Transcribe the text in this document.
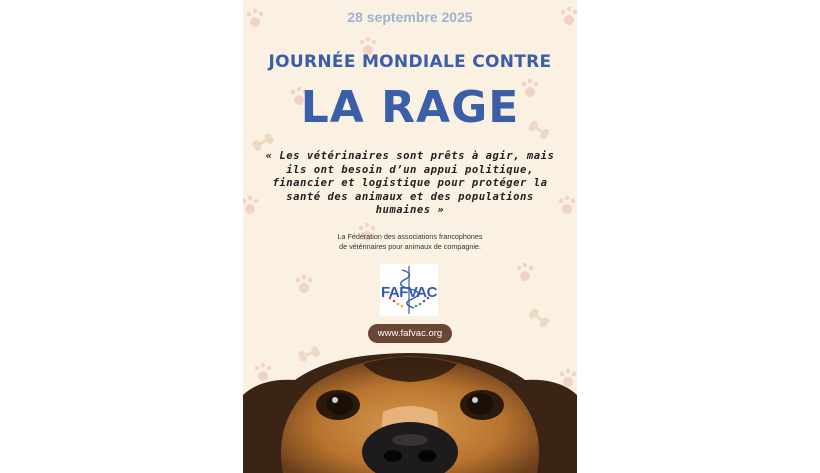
28 septembre 2025
JOURNÉE MONDIALE CONTRE
LA RAGE
« Les vétérinaires sont prêts à agir, mais
ils ont besoin d’un appui politique,
financier et logistique pour protéger la
santé des animaux et des populations
humaines »
La Fédération des associations francophones
de vétérinaires pour animaux de compagnie.
FAFVAC
www.fafvac.org
